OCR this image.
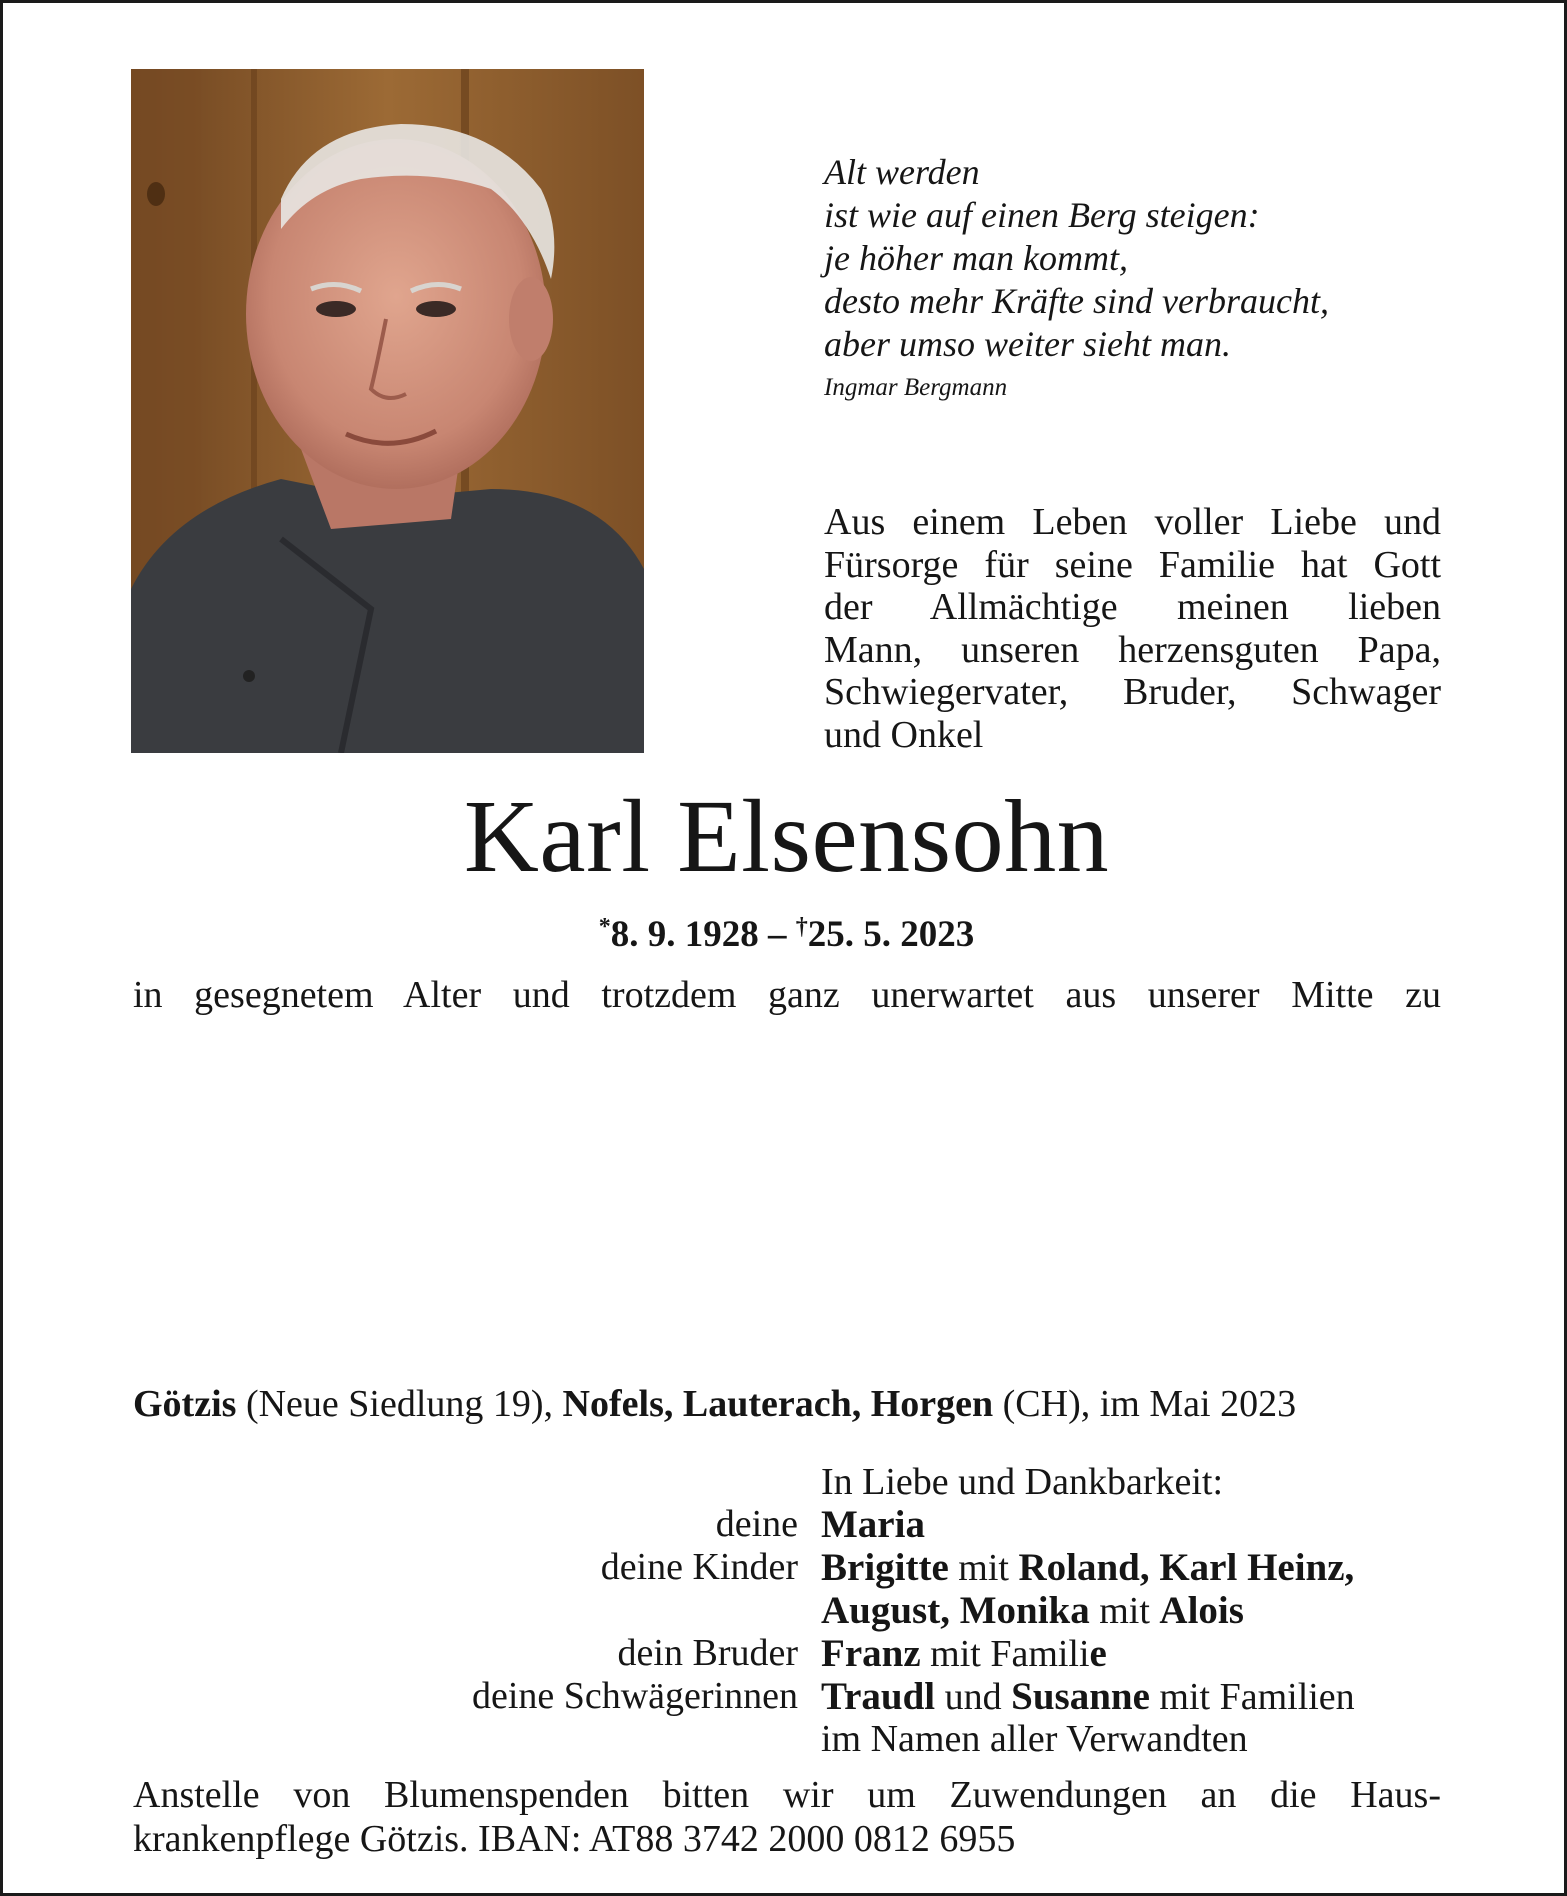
Alt werden
ist wie auf einen Berg steigen:
je höher man kommt,
desto mehr Kräfte sind verbraucht,
aber umso weiter sieht man.
Ingmar Bergmann
Aus einem Leben voller Liebe und
Fürsorge für seine Familie hat Gott
der Allmächtige meinen lieben
Mann, unseren herzensguten Papa,
Schwiegervater, Bruder, Schwager
und Onkel
Karl Elsensohn
*8. 9. 1928 – †25. 5. 2023
in gesegnetem Alter und trotzdem ganz unerwartet aus unserer Mitte zu
Götzis (Neue Siedlung 19), Nofels, Lauterach, Horgen (CH), im Mai 2023
In Liebe und Dankbarkeit:
deine Maria
deine Kinder Brigitte mit Roland, Karl Heinz,
August, Monika mit Alois
dein Bruder Franz mit Familie
deine Schwägerinnen Traudl und Susanne mit Familien
im Namen aller Verwandten
Anstelle von Blumenspenden bitten wir um Zuwendungen an die Haus-
krankenpflege Götzis. IBAN: AT88 3742 2000 0812 6955
